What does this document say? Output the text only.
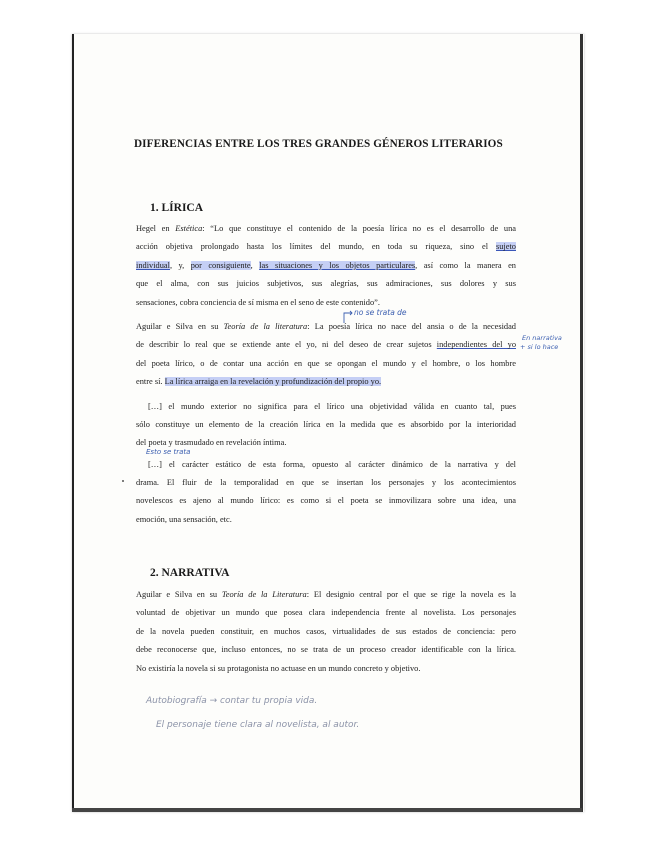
DIFERENCIAS ENTRE LOS TRES GRANDES GÉNEROS LITERARIOS
1. LÍRICA
Hegel en Estética: “Lo que constituye el contenido de la poesía lírica no es el desarrollo de una
acción objetiva prolongado hasta los límites del mundo, en toda su riqueza, sino el sujeto
individual, y, por consiguiente, las situaciones y los objetos particulares, así como la manera en
que el alma, con sus juicios subjetivos, sus alegrías, sus admiraciones, sus dolores y sus
sensaciones, cobra conciencia de sí misma en el seno de este contenido”.
no se trata de
Aguilar e Silva en su Teoría de la literatura: La poesía lírica no nace del ansia o de la necesidad
de describir lo real que se extiende ante el yo, ni del deseo de crear sujetos independientes del yo
del poeta lírico, o de contar una acción en que se opongan el mundo y el hombre, o los hombre
entre sí. La lírica arraiga en la revelación y profundización del propio yo.
En narrativa
+ si lo hace
[…] el mundo exterior no significa para el lírico una objetividad válida en cuanto tal, pues
sólo constituye un elemento de la creación lírica en la medida que es absorbido por la interioridad
del poeta y trasmudado en revelación íntima.
Esto se trata
[…] el carácter estático de esta forma, opuesto al carácter dinámico de la narrativa y del
drama. El fluir de la temporalidad en que se insertan los personajes y los acontecimientos
novelescos es ajeno al mundo lírico: es como si el poeta se inmovilizara sobre una idea, una
emoción, una sensación, etc.
2. NARRATIVA
Aguilar e Silva en su Teoría de la Literatura: El designio central por el que se rige la novela es la
voluntad de objetivar un mundo que posea clara independencia frente al novelista. Los personajes
de la novela pueden constituir, en muchos casos, virtualidades de sus estados de conciencia: pero
debe reconocerse que, incluso entonces, no se trata de un proceso creador identificable con la lírica.
No existiría la novela si su protagonista no actuase en un mundo concreto y objetivo.
Autobiografía → contar tu propia vida.
El personaje tiene clara al novelista, al autor.
